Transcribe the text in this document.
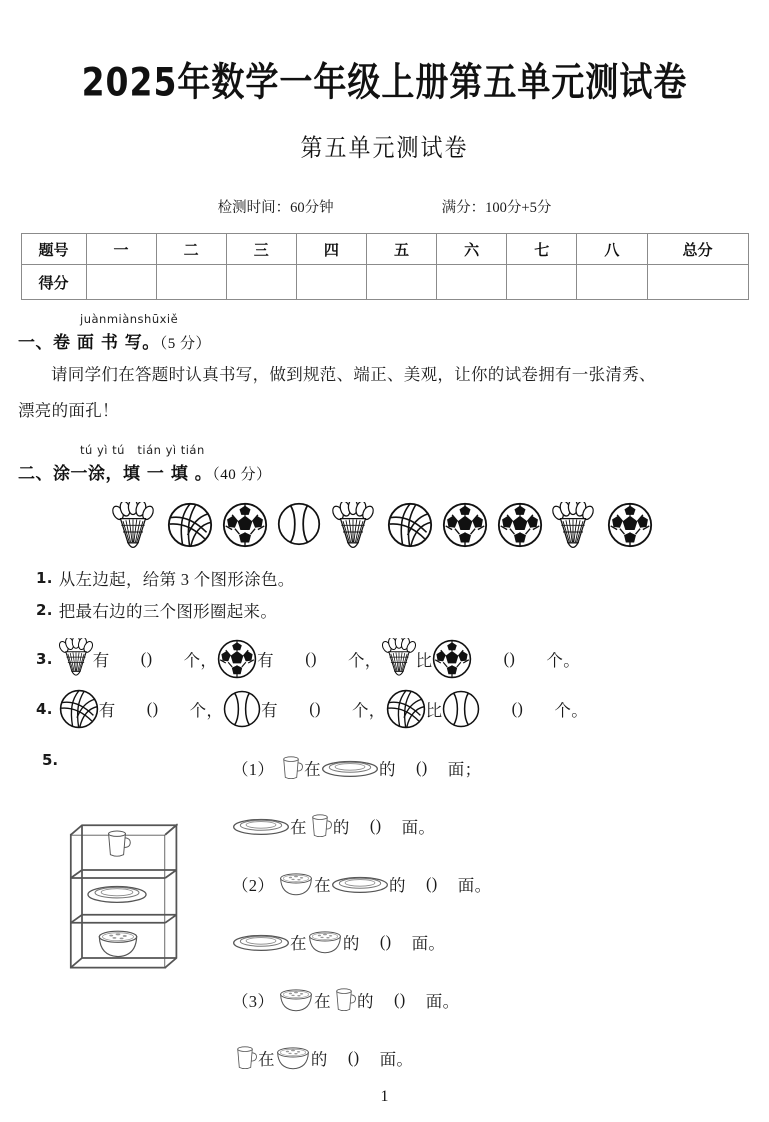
2025年数学一年级上册第五单元测试卷
第五单元测试卷
检测时间：60分钟	满分：100分+5分
题号	一	二	三	四	五	六	七	八	总分
得分									
juànmiànshūxiě
一、卷 面 书 写。（5 分）
请同学们在答题时认真书写，做到规范、端正、美观，让你的试卷拥有一张清秀、
漂亮的面孔！
tú yì tú   tián yì tián
二、涂一涂，填 一 填 。（40 分）
1. 从左边起，给第 3 个图形涂色。
2. 把最右边的三个图形圈起来。
3. 有 ( )	个， 有 ( )	个， 比 ( )	个。
4.	有 ( )	个， 有 ( )	个， 比 ( )	个。
5.	（1） 在	的 ( )	面；
在 的 ( )	面。
（2） 在	的 ( )	面。
在 的 ( )	面。
（3） 在 的 ( )	面。
在 的 ( )	面。
1
